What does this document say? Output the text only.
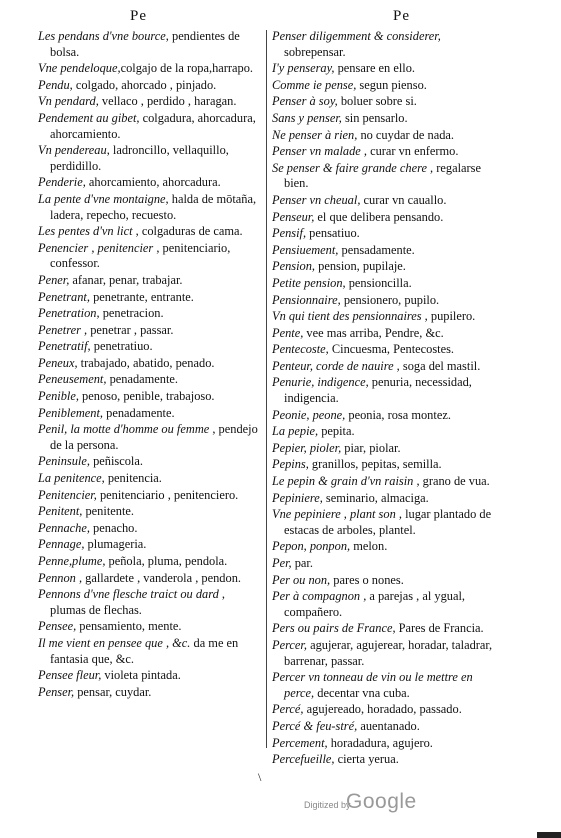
Pe	Pe
Les pendans d'vne bource, pendientes de bolsa.
Vne pendeloque,colgajo de la ropa,harrapo.
Pendu, colgado, ahorcado , pinjado.
Vn pendard, vellaco , perdido , haragan.
Pendement au gibet, colgadura, ahorcadura, ahorcamiento.
Vn pendereau, ladroncillo, vellaquillo, perdidillo.
Penderie, ahorcamiento, ahorcadura.
La pente d'vne montaigne, halda de mōtaña, ladera, repecho, recuesto.
Les pentes d'vn lict , colgaduras de cama.
Penencier , penitencier , penitenciario, confessor.
Pener, afanar, penar, trabajar.
Penetrant, penetrante, entrante.
Penetration, penetracion.
Penetrer , penetrar , passar.
Penetratif, penetratiuo.
Peneux, trabajado, abatido, penado.
Peneusement, penadamente.
Penible, penoso, penible, trabajoso.
Peniblement, penadamente.
Penil, la motte d'homme ou femme , pendejo de la persona.
Peninsule, peñiscola.
La penitence, penitencia.
Penitencier, penitenciario , penitenciero.
Penitent, penitente.
Pennache, penacho.
Pennage, plumageria.
Penne,plume, peñola, pluma, pendola.
Pennon , gallardete , vanderola , pendon.
Pennons d'vne flesche traict ou dard , plumas de flechas.
Pensee, pensamiento, mente.
Il me vient en pensee que , &c. da me en fantasia que, &c.
Pensee fleur, violeta pintada.
Penser, pensar, cuydar.
Penser diligemment & considerer, sobrepensar.
I'y penseray, pensare en ello.
Comme ie pense, segun pienso.
Penser à soy, boluer sobre si.
Sans y penser, sin pensarlo.
Ne penser à rien, no cuydar de nada.
Penser vn malade , curar vn enfermo.
Se penser & faire grande chere , regalarse bien.
Penser vn cheual, curar vn cauallo.
Penseur, el que delibera pensando.
Pensif, pensatiuo.
Pensiuement, pensadamente.
Pension, pension, pupilaje.
Petite pension, pensioncilla.
Pensionnaire, pensionero, pupilo.
Vn qui tient des pensionnaires , pupilero.
Pente, vee mas arriba, Pendre, &c.
Pentecoste, Cincuesma, Pentecostes.
Penteur, corde de nauire , soga del mastil.
Penurie, indigence, penuria, necessidad, indigencia.
Peonie, peone, peonia, rosa montez.
La pepie, pepita.
Pepier, pioler, piar, piolar.
Pepins, granillos, pepitas, semilla.
Le pepin & grain d'vn raisin , grano de vua.
Pepiniere, seminario, almaciga.
Vne pepiniere , plant son , lugar plantado de estacas de arboles, plantel.
Pepon, ponpon, melon.
Per, par.
Per ou non, pares o nones.
Per à compagnon , a parejas , al ygual, compañero.
Pers ou pairs de France, Pares de Francia.
Percer, agujerar, agujerear, horadar, taladrar, barrenar, passar.
Percer vn tonneau de vin ou le mettre en perce, decentar vna cuba.
Percé, agujereado, horadado, passado.
Percé & feu-stré, auentanado.
Percement, horadadura, agujero.
Percefueille, cierta yerua.
\
Digitized by
Google
